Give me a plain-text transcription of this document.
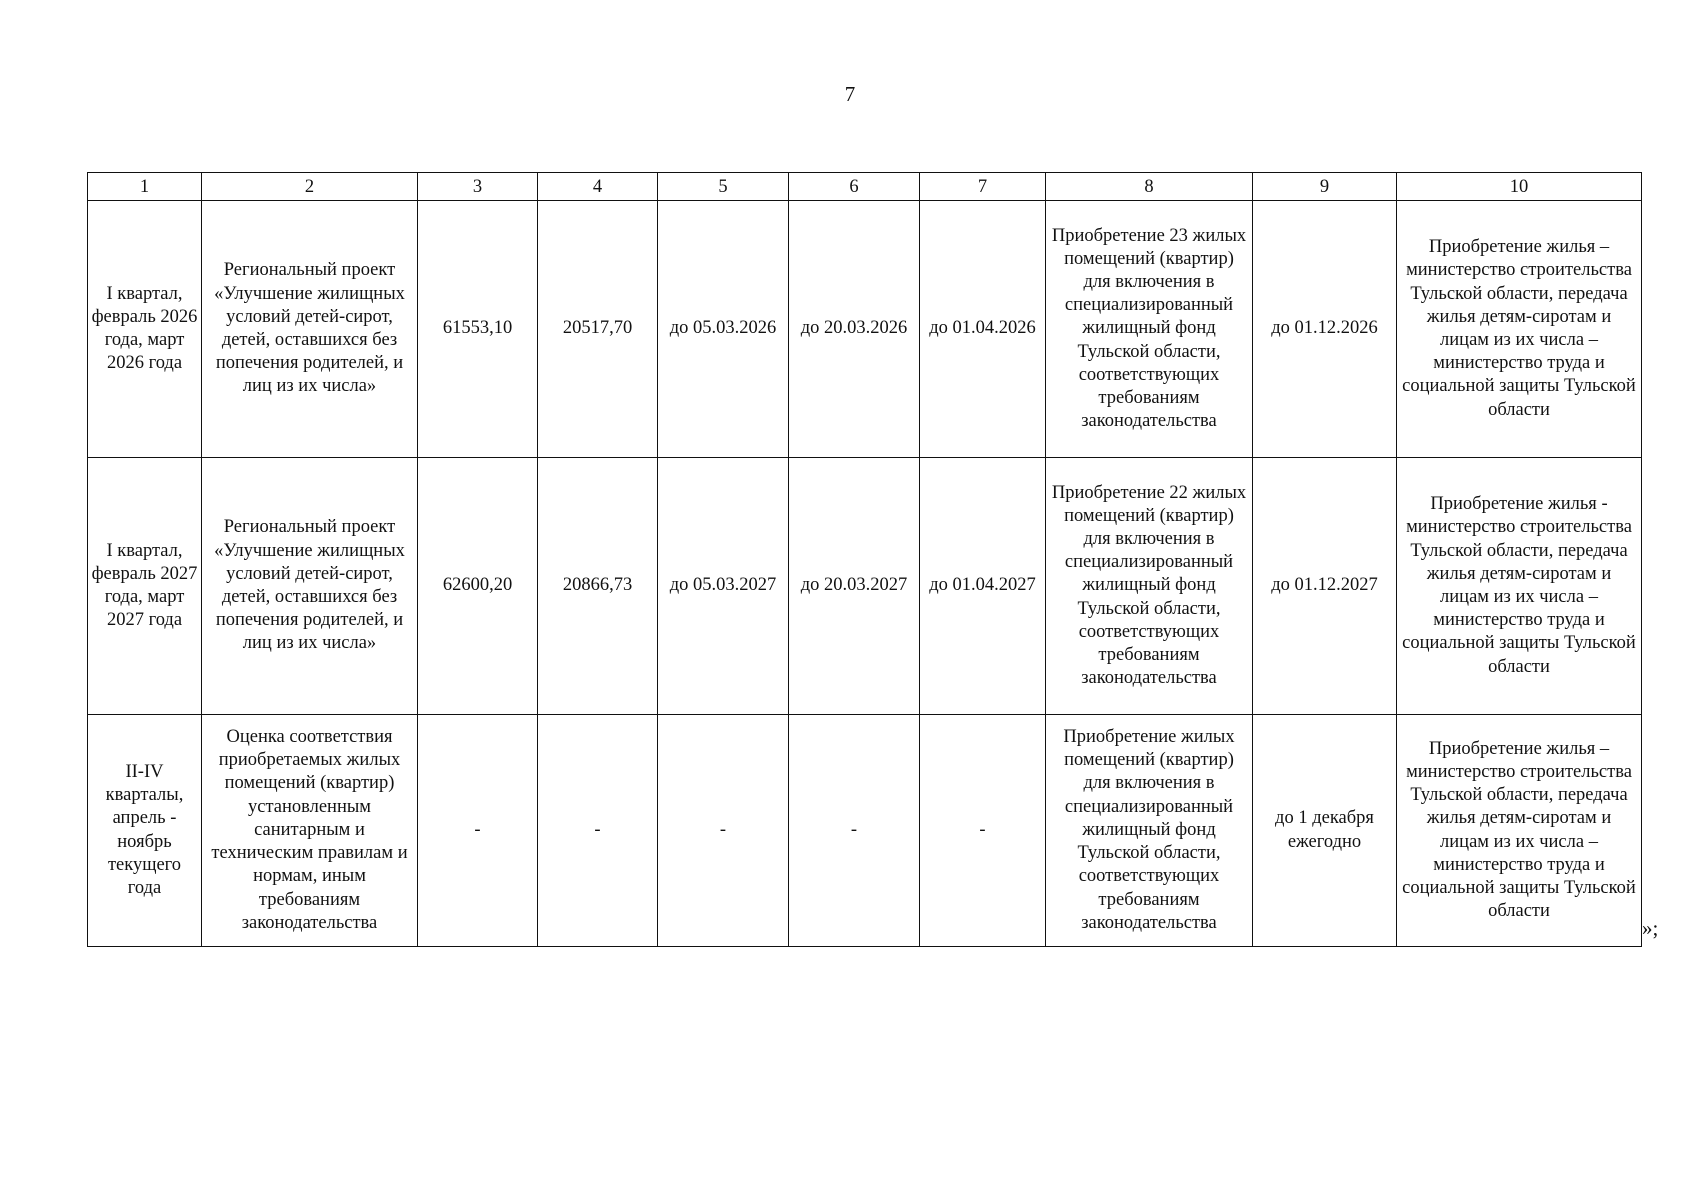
7
1	2	3	4	5	6	7	8	9	10
I квартал, февраль 2026 года, март 2026 года	Региональный проект «Улучшение жилищных условий детей-сирот, детей, оставшихся без попечения родителей, и лиц из их числа»	61553,10	20517,70	до 05.03.2026	до 20.03.2026	до 01.04.2026	Приобретение 23 жилых помещений (квартир) для включения в специализированный жилищный фонд Тульской области, соответствующих требованиям законодательства	до 01.12.2026	Приобретение жилья – министерство строительства Тульской области, передача жилья детям-сиротам и лицам из их числа – министерство труда и социальной защиты Тульской области
I квартал, февраль 2027 года, март 2027 года	Региональный проект «Улучшение жилищных условий детей-сирот, детей, оставшихся без попечения родителей, и лиц из их числа»	62600,20	20866,73	до 05.03.2027	до 20.03.2027	до 01.04.2027	Приобретение 22 жилых помещений (квартир) для включения в специализированный жилищный фонд Тульской области, соответствующих требованиям законодательства	до 01.12.2027	Приобретение жилья - министерство строительства Тульской области, передача жилья детям-сиротам и лицам из их числа – министерство труда и социальной защиты Тульской области
II-IV кварталы, апрель - ноябрь текущего года	Оценка соответствия приобретаемых жилых помещений (квартир) установленным санитарным и техническим правилам и нормам, иным требованиям законодательства	-	-	-	-	-	Приобретение жилых помещений (квартир) для включения в специализированный жилищный фонд Тульской области, соответствующих требованиям законодательства	до 1 декабря ежегодно	Приобретение жилья – министерство строительства Тульской области, передача жилья детям-сиротам и лицам из их числа – министерство труда и социальной защиты Тульской области
»;
